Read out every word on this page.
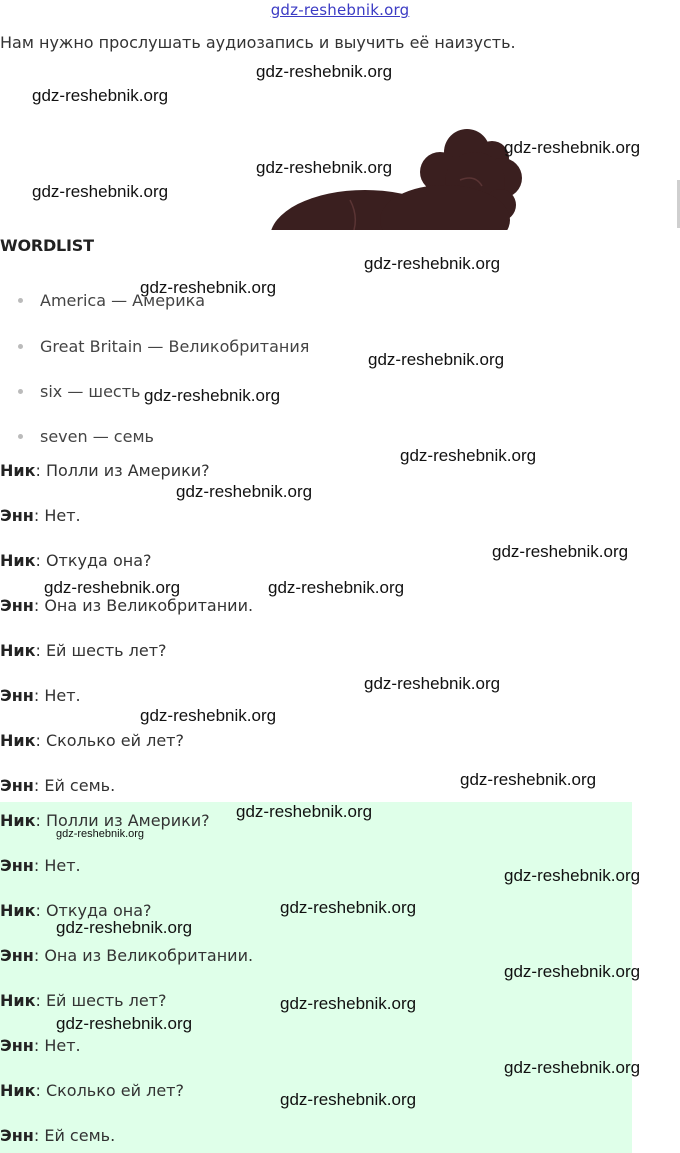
gdz-reshebnik.org
Нам нужно прослушать аудиозапись и выучить её наизусть.
WORDLIST
America — Америка
Great Britain — Великобритания
six — шесть
seven — семь
Ник: Полли из Америки?
Энн: Нет.
Ник: Откуда она?
Энн: Она из Великобритании.
Ник: Ей шесть лет?
Энн: Нет.
Ник: Сколько ей лет?
Энн: Ей семь.
Ник: Полли из Америки?
Энн: Нет.
Ник: Откуда она?
Энн: Она из Великобритании.
Ник: Ей шесть лет?
Энн: Нет.
Ник: Сколько ей лет?
Энн: Ей семь.
gdz-reshebnik.org
gdz-reshebnik.org
gdz-reshebnik.org
gdz-reshebnik.org
gdz-reshebnik.org
gdz-reshebnik.org
gdz-reshebnik.org
gdz-reshebnik.org
gdz-reshebnik.org
gdz-reshebnik.org
gdz-reshebnik.org
gdz-reshebnik.org
gdz-reshebnik.org	gdz-reshebnik.org
gdz-reshebnik.org
gdz-reshebnik.org
gdz-reshebnik.org
gdz-reshebnik.org
gdz-reshebnik.org
gdz-reshebnik.org
gdz-reshebnik.org
gdz-reshebnik.org
gdz-reshebnik.org
gdz-reshebnik.org
gdz-reshebnik.org
gdz-reshebnik.org
gdz-reshebnik.org
